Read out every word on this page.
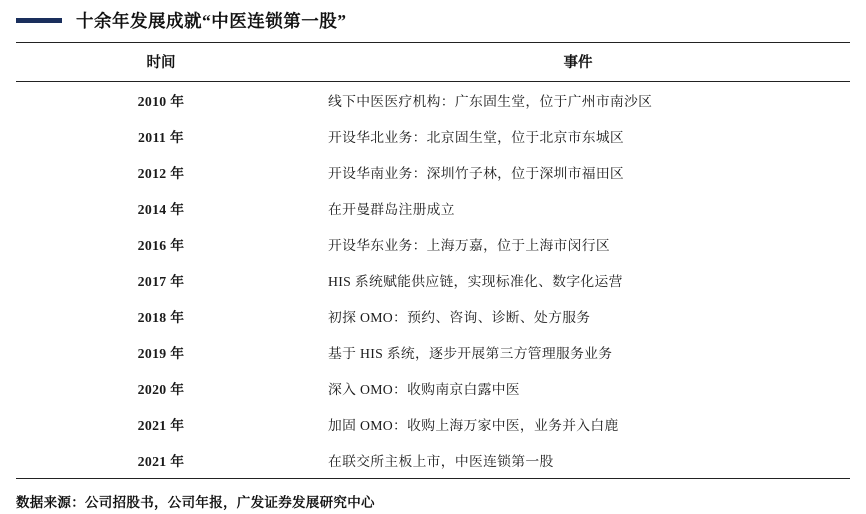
十余年发展成就“中医连锁第一股”
时间	事件
2010 年	线下中医医疗机构：广东固生堂，位于广州市南沙区
2011 年	开设华北业务：北京固生堂，位于北京市东城区
2012 年	开设华南业务：深圳竹子林，位于深圳市福田区
2014 年	在开曼群岛注册成立
2016 年	开设华东业务：上海万嘉，位于上海市闵行区
2017 年	HIS 系统赋能供应链，实现标准化、数字化运营
2018 年	初探 OMO：预约、咨询、诊断、处方服务
2019 年	基于 HIS 系统，逐步开展第三方管理服务业务
2020 年	深入 OMO：收购南京白露中医
2021 年	加固 OMO：收购上海万家中医，业务并入白鹿
2021 年	在联交所主板上市，中医连锁第一股
数据来源：公司招股书，公司年报，广发证券发展研究中心
